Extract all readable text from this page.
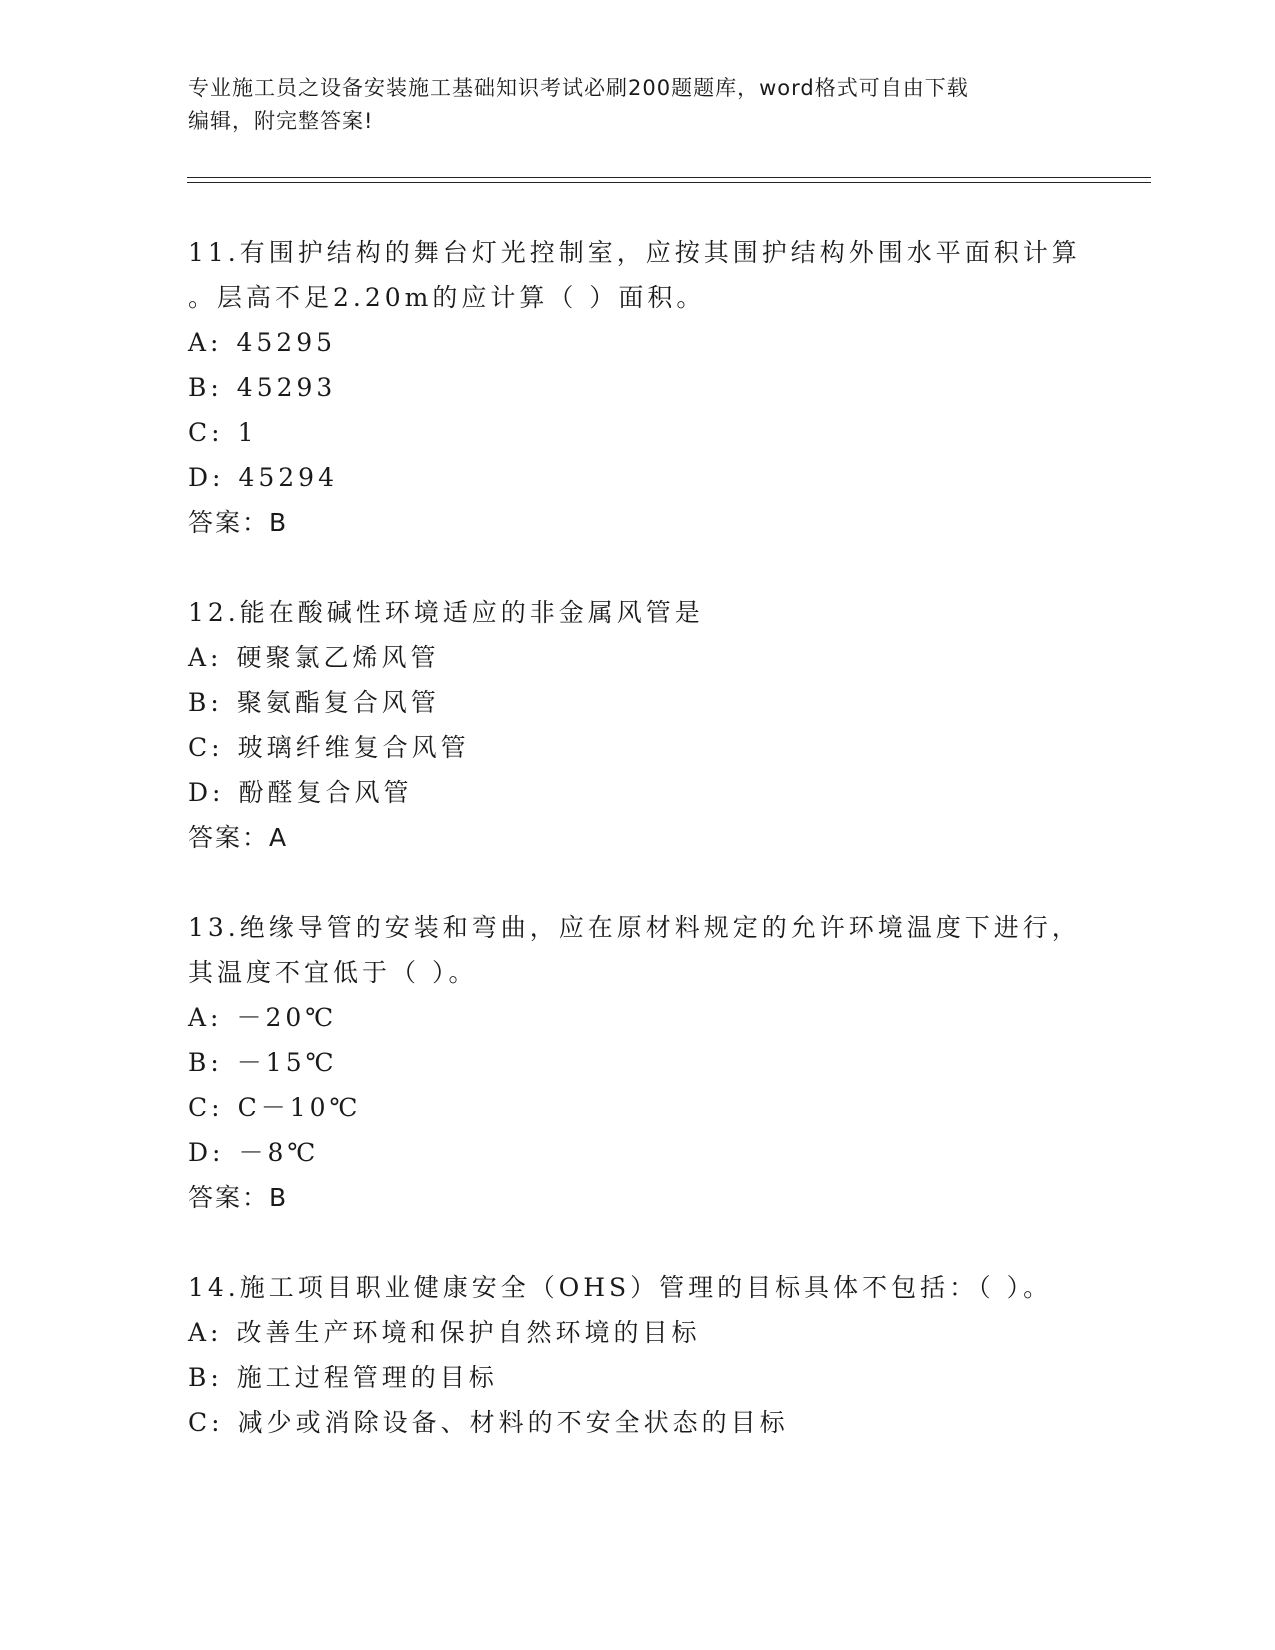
专业施工员之设备安装施工基础知识考试必刷200题题库，word格式可自由下载
编辑，附完整答案!
11.有围护结构的舞台灯光控制室，应按其围护结构外围水平面积计算
。层高不足2.20m的应计算（ ）面积。
A: 45295
B: 45293
C: 1
D: 45294
答案：B
12.能在酸碱性环境适应的非金属风管是
A: 硬聚氯乙烯风管
B: 聚氨酯复合风管
C: 玻璃纤维复合风管
D: 酚醛复合风管
答案：A
13.绝缘导管的安装和弯曲，应在原材料规定的允许环境温度下进行，
其温度不宜低于（ ）。
A: －20℃
B: －15℃
C: C－10℃
D: －8℃
答案：B
14.施工项目职业健康安全（OHS）管理的目标具体不包括：（ ）。
A: 改善生产环境和保护自然环境的目标
B: 施工过程管理的目标
C: 减少或消除设备、材料的不安全状态的目标
